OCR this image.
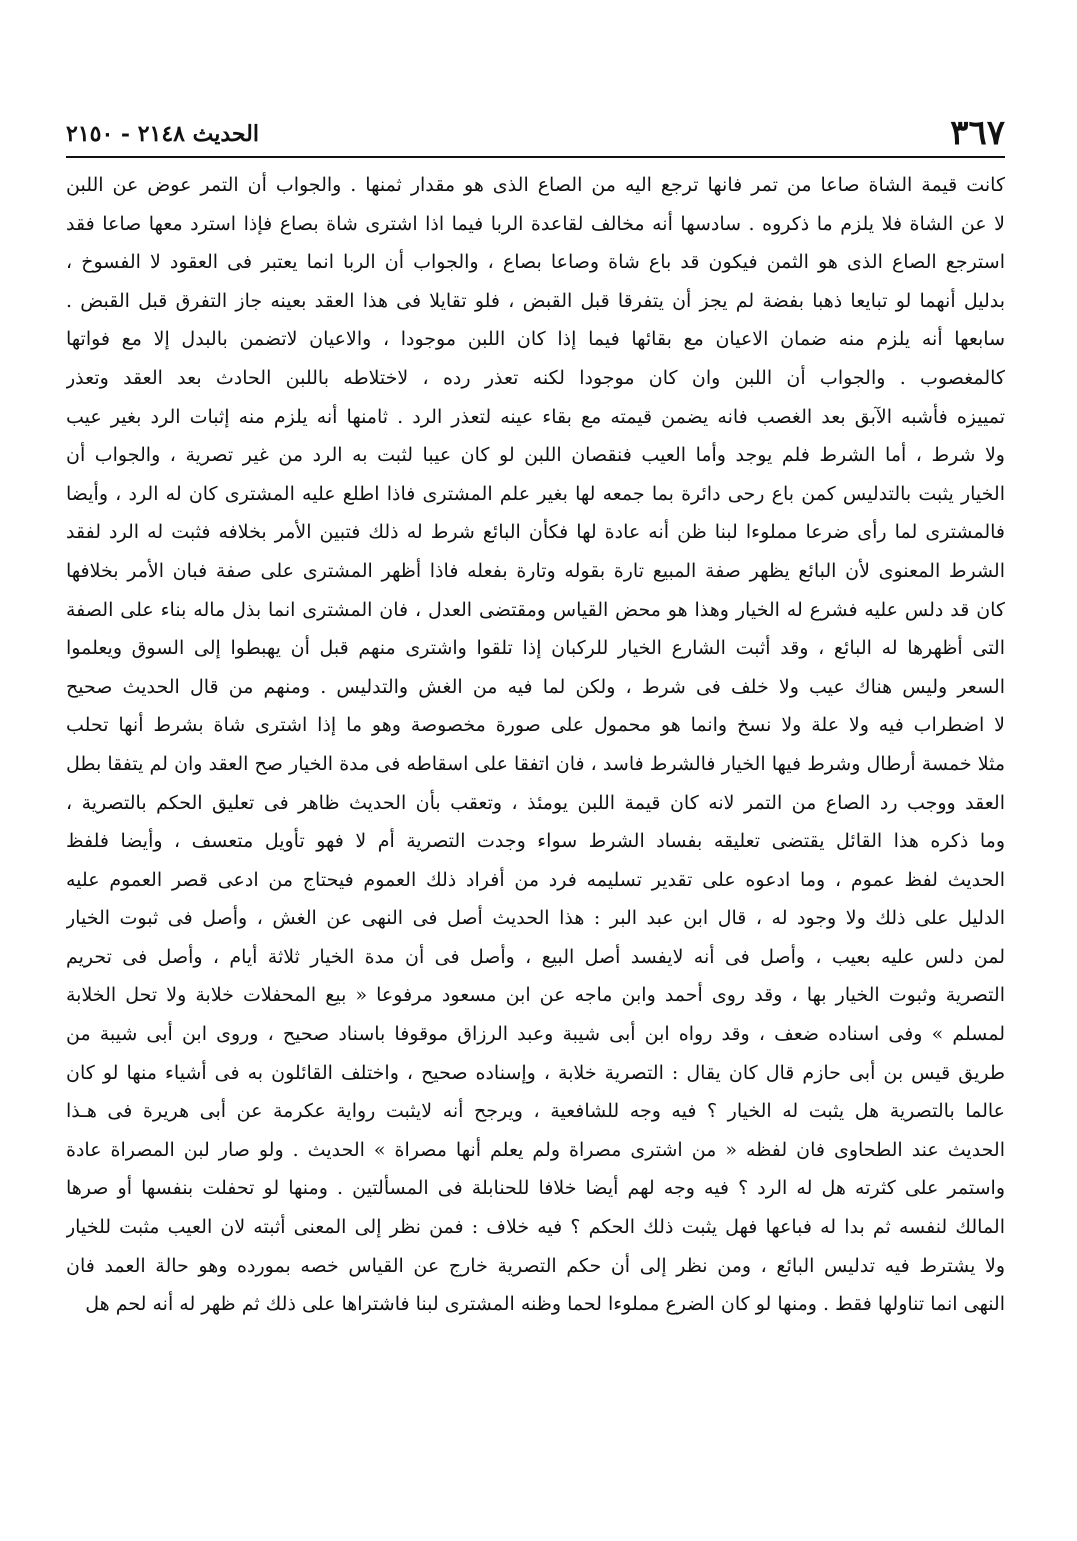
٣٦٧
الحديث ٢١٤٨ - ٢١٥٠
كانت قيمة الشاة صاعا من تمر فانها ترجع اليه من الصاع الذى هو مقدار ثمنها . والجواب أن التمر عوض عن اللبن
لا عن الشاة فلا يلزم ما ذكروه . سادسها أنه مخالف لقاعدة الربا فيما اذا اشترى شاة بصاع فإذا استرد معها صاعا فقد
استرجع الصاع الذى هو الثمن فيكون قد باع شاة وصاعا بصاع ، والجواب أن الربا انما يعتبر فى العقود لا الفسوخ ،
بدليل أنهما لو تبايعا ذهبا بفضة لم يجز أن يتفرقا قبل القبض ، فلو تقايلا فى هذا العقد بعينه جاز التفرق قبل القبض .
سابعها أنه يلزم منه ضمان الاعيان مع بقائها فيما إذا كان اللبن موجودا ، والاعيان لاتضمن بالبدل إلا مع فواتها
كالمغصوب . والجواب أن اللبن وان كان موجودا لكنه تعذر رده ، لاختلاطه باللبن الحادث بعد العقد وتعذر
تمييزه فأشبه الآبق بعد الغصب فانه يضمن قيمته مع بقاء عينه لتعذر الرد . ثامنها أنه يلزم منه إثبات الرد بغير عيب
ولا شرط ، أما الشرط فلم يوجد وأما العيب فنقصان اللبن لو كان عيبا لثبت به الرد من غير تصرية ، والجواب أن
الخيار يثبت بالتدليس كمن باع رحى دائرة بما جمعه لها بغير علم المشترى فاذا اطلع عليه المشترى كان له الرد ، وأيضا
فالمشترى لما رأى ضرعا مملوءا لبنا ظن أنه عادة لها فكأن البائع شرط له ذلك فتبين الأمر بخلافه فثبت له الرد لفقد
الشرط المعنوى لأن البائع يظهر صفة المبيع تارة بقوله وتارة بفعله فاذا أظهر المشترى على صفة فبان الأمر بخلافها
كان قد دلس عليه فشرع له الخيار وهذا هو محض القياس ومقتضى العدل ، فان المشترى انما بذل ماله بناء على الصفة
التى أظهرها له البائع ، وقد أثبت الشارع الخيار للركبان إذا تلقوا واشترى منهم قبل أن يهبطوا إلى السوق ويعلموا
السعر وليس هناك عيب ولا خلف فى شرط ، ولكن لما فيه من الغش والتدليس . ومنهم من قال الحديث صحيح
لا اضطراب فيه ولا علة ولا نسخ وانما هو محمول على صورة مخصوصة وهو ما إذا اشترى شاة بشرط أنها تحلب
مثلا خمسة أرطال وشرط فيها الخيار فالشرط فاسد ، فان اتفقا على اسقاطه فى مدة الخيار صح العقد وان لم يتفقا بطل
العقد ووجب رد الصاع من التمر لانه كان قيمة اللبن يومئذ ، وتعقب بأن الحديث ظاهر فى تعليق الحكم بالتصرية ،
وما ذكره هذا القائل يقتضى تعليقه بفساد الشرط سواء وجدت التصرية أم لا فهو تأويل متعسف ، وأيضا فلفظ
الحديث لفظ عموم ، وما ادعوه على تقدير تسليمه فرد من أفراد ذلك العموم فيحتاج من ادعى قصر العموم عليه
الدليل على ذلك ولا وجود له ، قال ابن عبد البر : هذا الحديث أصل فى النهى عن الغش ، وأصل فى ثبوت الخيار
لمن دلس عليه بعيب ، وأصل فى أنه لايفسد أصل البيع ، وأصل فى أن مدة الخيار ثلاثة أيام ، وأصل فى تحريم
التصرية وثبوت الخيار بها ، وقد روى أحمد وابن ماجه عن ابن مسعود مرفوعا « بيع المحفلات خلابة ولا تحل الخلابة
لمسلم » وفى اسناده ضعف ، وقد رواه ابن أبى شيبة وعبد الرزاق موقوفا باسناد صحيح ، وروى ابن أبى شيبة من
طريق قيس بن أبى حازم قال كان يقال : التصرية خلابة ، وإسناده صحيح ، واختلف القائلون به فى أشياء منها لو كان
عالما بالتصرية هل يثبت له الخيار ؟ فيه وجه للشافعية ، ويرجح أنه لايثبت رواية عكرمة عن أبى هريرة فى هـذا
الحديث عند الطحاوى فان لفظه « من اشترى مصراة ولم يعلم أنها مصراة » الحديث . ولو صار لبن المصراة عادة
واستمر على كثرته هل له الرد ؟ فيه وجه لهم أيضا خلافا للحنابلة فى المسألتين . ومنها لو تحفلت بنفسها أو صرها
المالك لنفسه ثم بدا له فباعها فهل يثبت ذلك الحكم ؟ فيه خلاف : فمن نظر إلى المعنى أثبته لان العيب مثبت للخيار
ولا يشترط فيه تدليس البائع ، ومن نظر إلى أن حكم التصرية خارج عن القياس خصه بمورده وهو حالة العمد فان
النهى انما تناولها فقط . ومنها لو كان الضرع مملوءا لحما وظنه المشترى لبنا فاشتراها على ذلك ثم ظهر له أنه لحم هل
